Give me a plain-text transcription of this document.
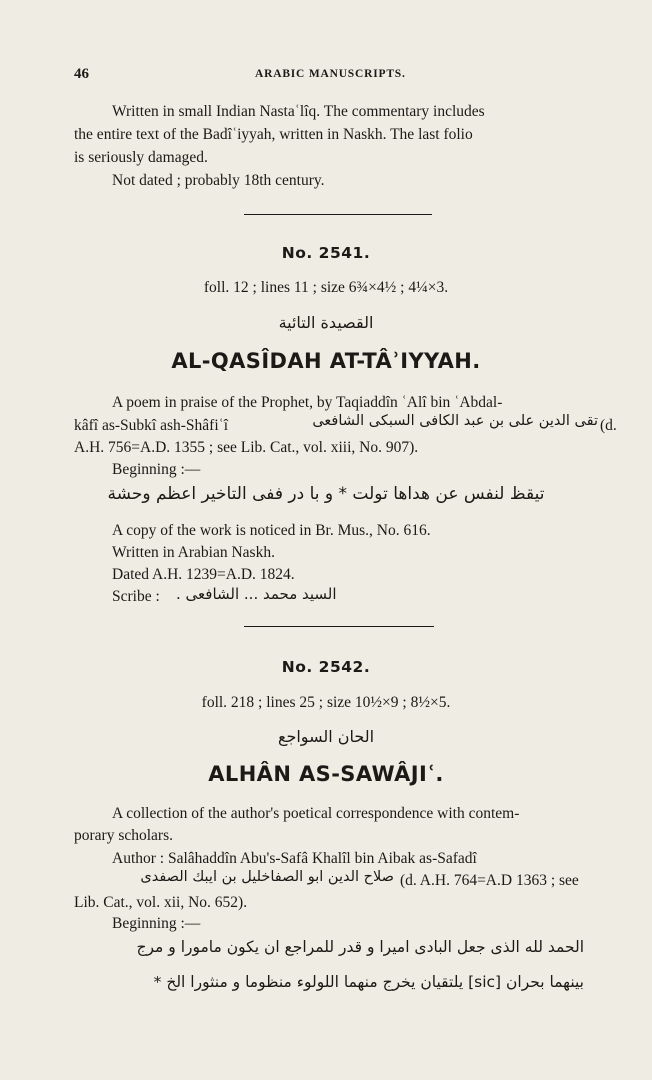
46	ARABIC MANUSCRIPTS.
Written in small Indian Nastaʿlîq. The commentary includes
the entire text of the Badîʿiyyah, written in Naskh. The last folio
is seriously damaged.
Not dated ; probably 18th century.
No. 2541.
foll. 12 ; lines 11 ; size 6¾×4½ ; 4¼×3.
القصيدة التائية
AL-QASÎDAH AT-TÂʾIYYAH.
A poem in praise of the Prophet, by Taqiaddîn ʿAlî bin ʿAbdal-
kâfî as-Subkî ash-Shâfiʿî	تقى الدين على بن عبد الكافى السبكى الشافعى (d.
A.H. 756=A.D. 1355 ; see Lib. Cat., vol. xiii, No. 907).
Beginning :—
تيقظ لنفس عن هداها تولت * و با در ففى التاخير اعظم وحشة
A copy of the work is noticed in Br. Mus., No. 616.
Written in Arabian Naskh.
Dated A.H. 1239=A.D. 1824.
Scribe : السيد محمد ... الشافعى .
No. 2542.
foll. 218 ; lines 25 ; size 10½×9 ; 8½×5.
الحان السواجع
ALHÂN AS-SAWÂJIʿ.
A collection of the author's poetical correspondence with contem-
porary scholars.
Author : Salâhaddîn Abu's-Safâ Khalîl bin Aibak as-Safadî
صلاح الدين ابو الصفاخليل بن ايبك الصفدى (d. A.H. 764=A.D 1363 ; see
Lib. Cat., vol. xii, No. 652).
Beginning :—
الحمد لله الذى جعل البادى اميرا و قدر للمراجع ان يكون مامورا و مرج
بينهما بحران [sic] يلتقيان يخرج منهما اللولوء منظوما و منثورا الخ *
